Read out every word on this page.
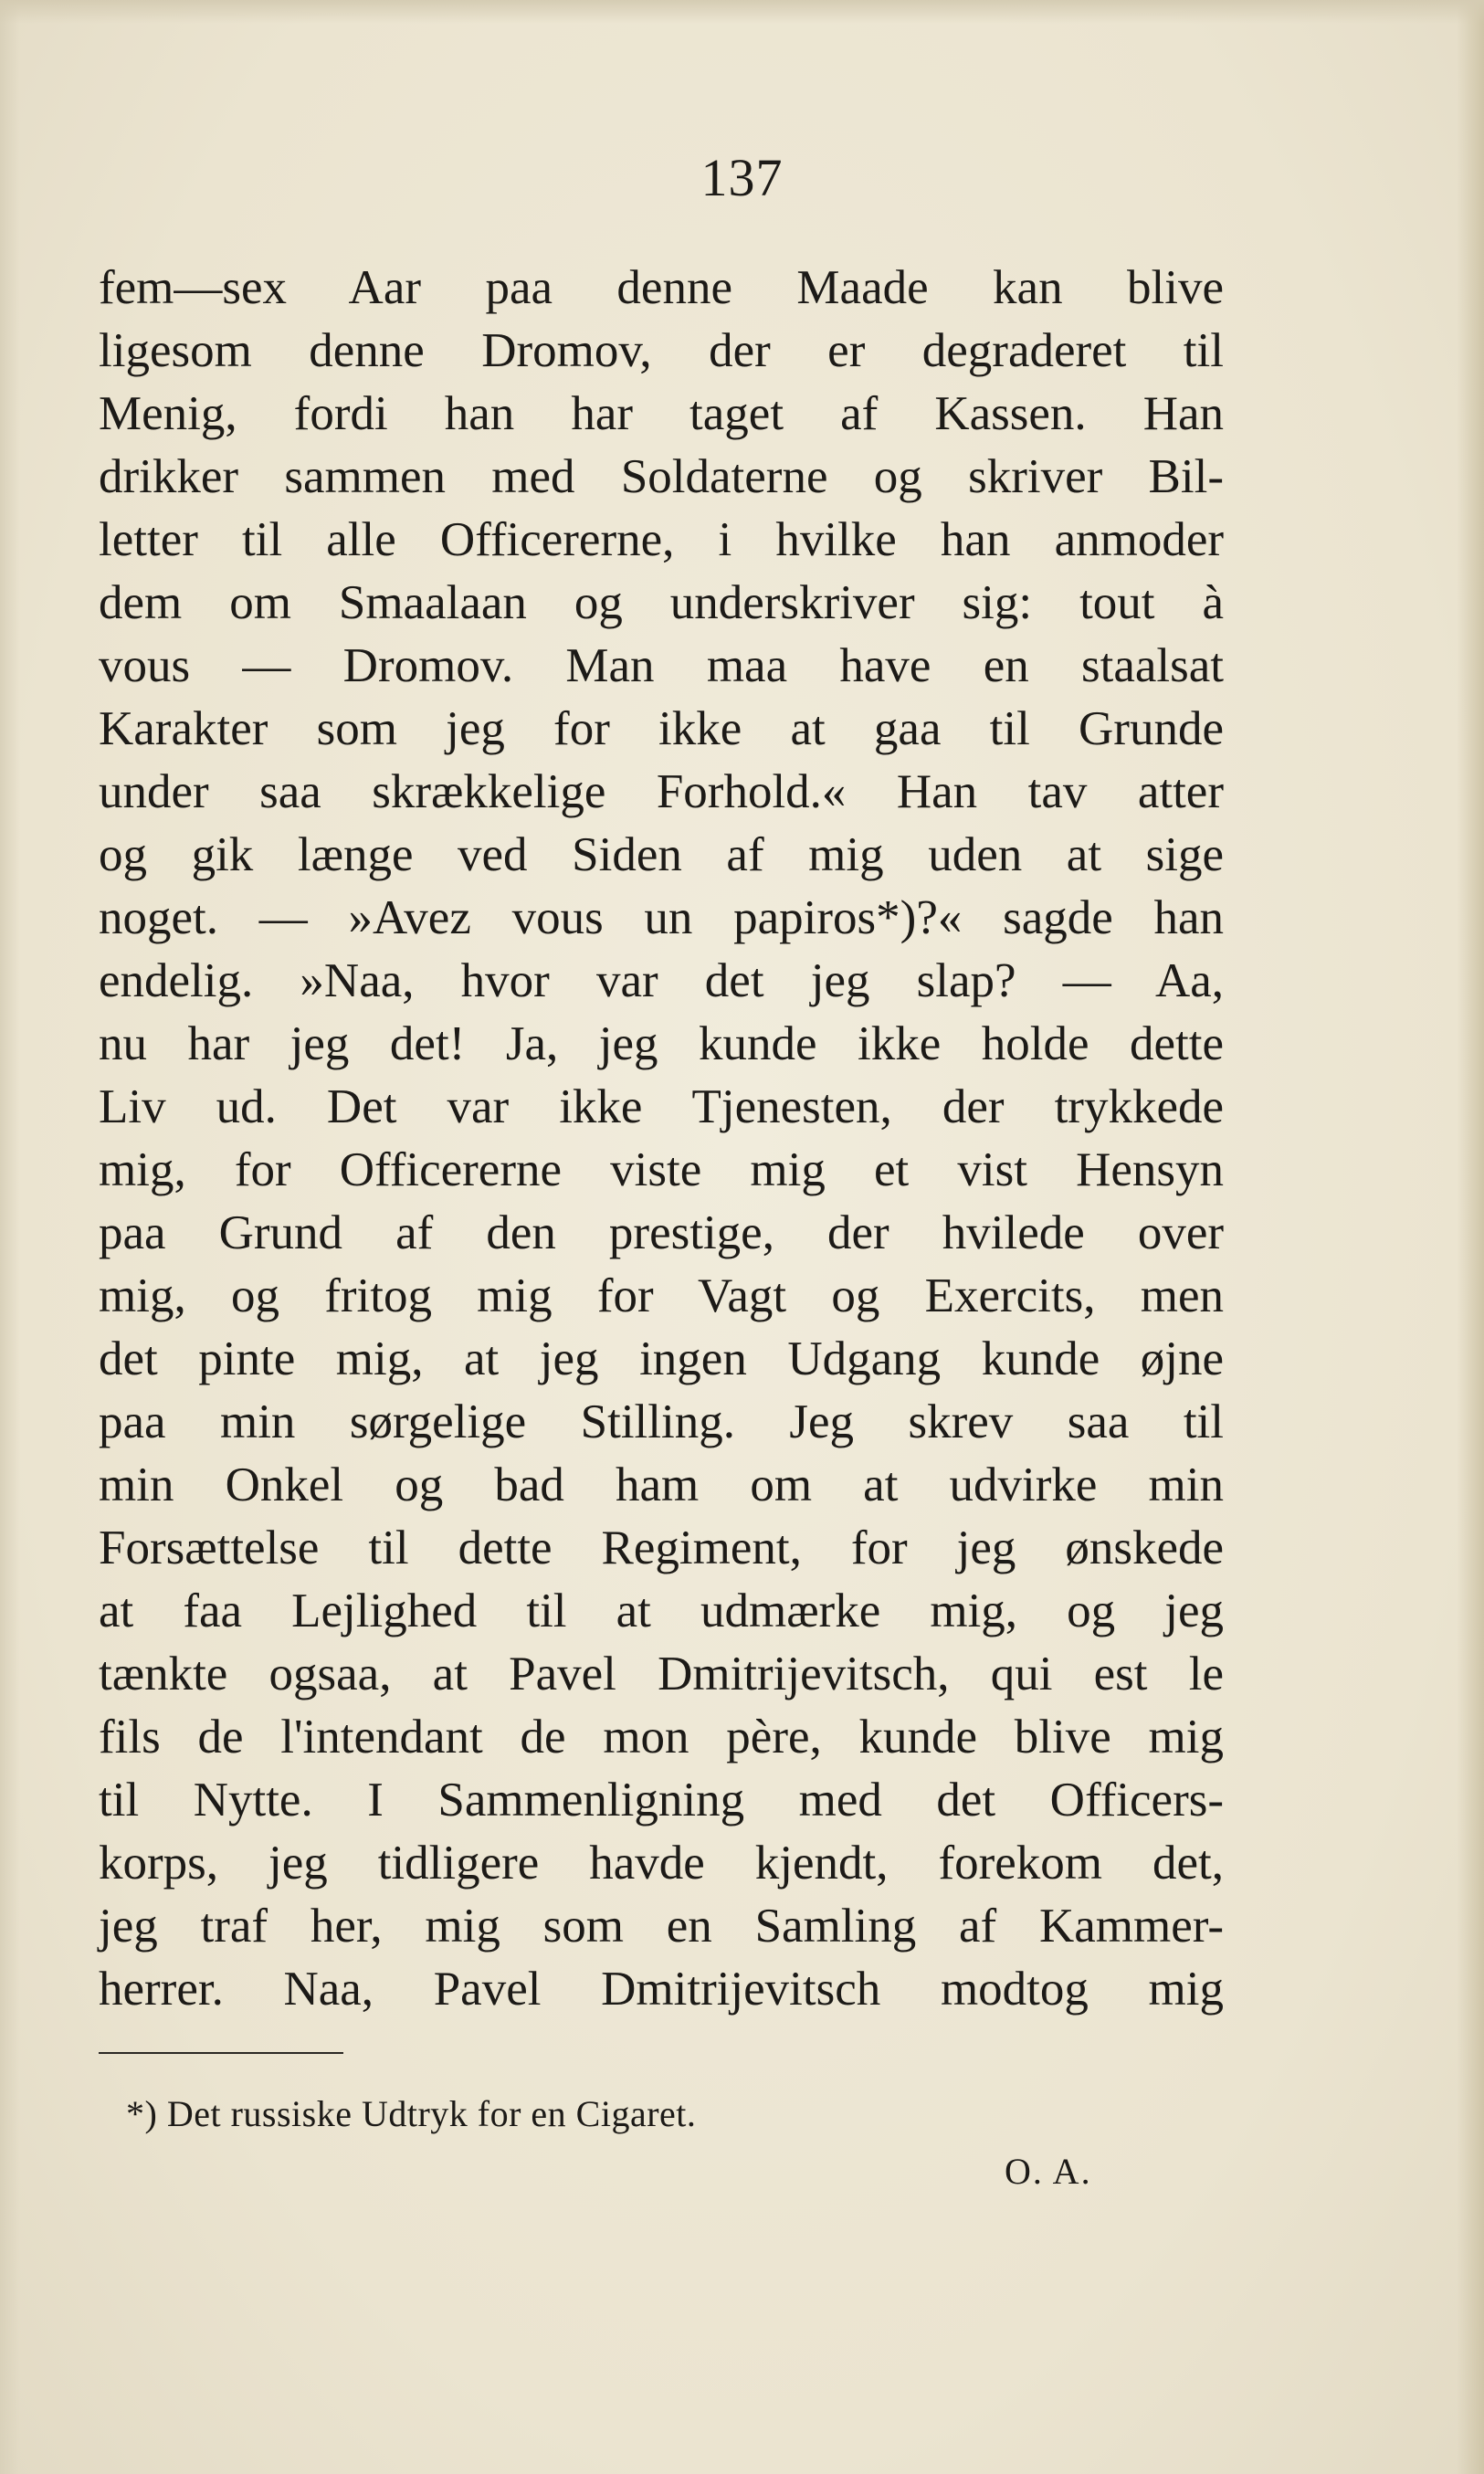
137
fem—sex Aar paa denne Maade kan blive
ligesom denne Dromov, der er degraderet til
Menig, fordi han har taget af Kassen. Han
drikker sammen med Soldaterne og skriver Bil-
letter til alle Officererne, i hvilke han anmoder
dem om Smaalaan og underskriver sig: tout à
vous — Dromov. Man maa have en staalsat
Karakter som jeg for ikke at gaa til Grunde
under saa skrækkelige Forhold.« Han tav atter
og gik længe ved Siden af mig uden at sige
noget. — »Avez vous un papiros*)?« sagde han
endelig. »Naa, hvor var det jeg slap? — Aa,
nu har jeg det! Ja, jeg kunde ikke holde dette
Liv ud. Det var ikke Tjenesten, der trykkede
mig, for Officererne viste mig et vist Hensyn
paa Grund af den prestige, der hvilede over
mig, og fritog mig for Vagt og Exercits, men
det pinte mig, at jeg ingen Udgang kunde øjne
paa min sørgelige Stilling. Jeg skrev saa til
min Onkel og bad ham om at udvirke min
Forsættelse til dette Regiment, for jeg ønskede
at faa Lejlighed til at udmærke mig, og jeg
tænkte ogsaa, at Pavel Dmitrijevitsch, qui est le
fils de l'intendant de mon père, kunde blive mig
til Nytte. I Sammenligning med det Officers-
korps, jeg tidligere havde kjendt, forekom det,
jeg traf her, mig som en Samling af Kammer-
herrer. Naa, Pavel Dmitrijevitsch modtog mig
*) Det russiske Udtryk for en Cigaret.
O. A.
